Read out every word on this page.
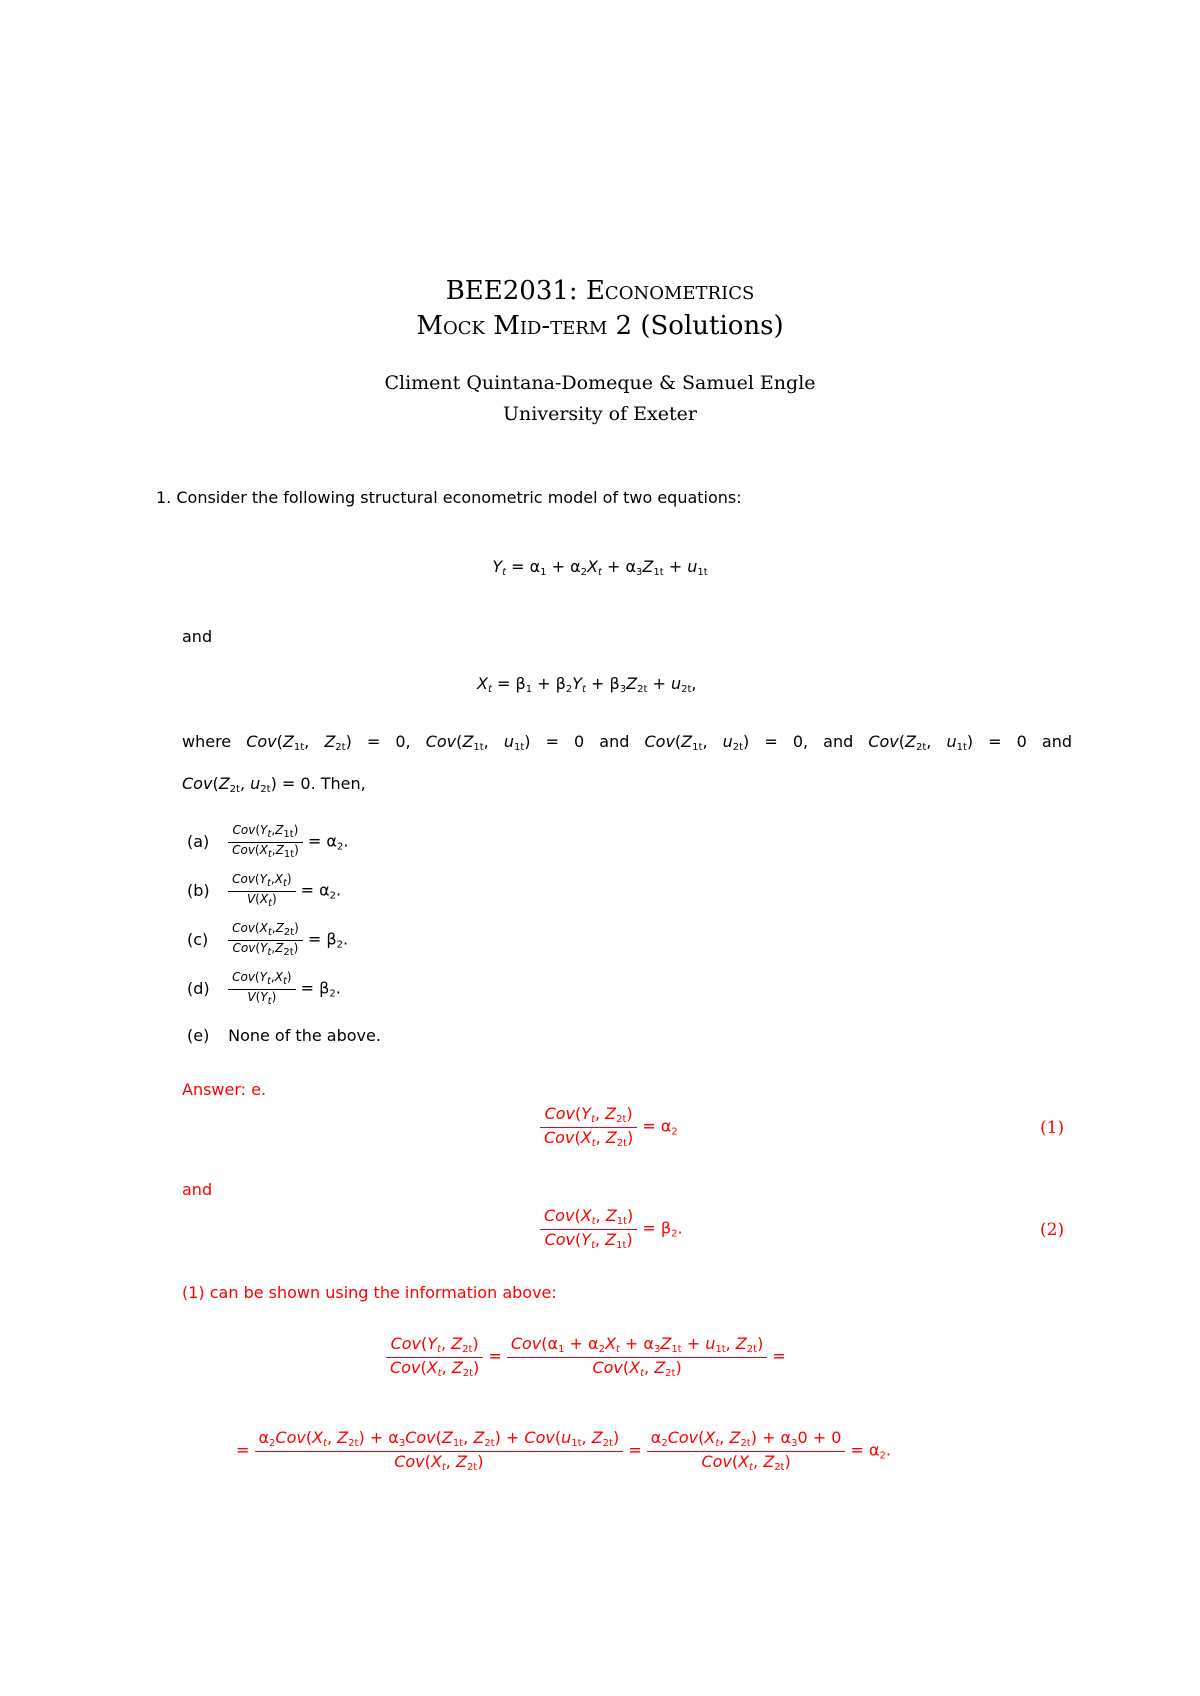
BEE2031: Econometrics
Mock Mid-term 2 (Solutions)
Climent Quintana-Domeque & Samuel Engle
University of Exeter
1. Consider the following structural econometric model of two equations:
$Y_t = \alpha_1 + \alpha_2X_t + \alpha_3Z_{1t} + u_{1t}$
and
$X_t = \beta_1 + \beta_2Y_t + \beta_3Z_{2t} + u_{2t}$,
where $Cov(Z_{1t}$, $Z_{2t}) = 0$, $Cov(Z_{1t}$, $u_{1t}) = 0$ and $Cov(Z_{1t}$, $u_{2t}) = 0$, and $Cov(Z_{2t}$, $u_{1t}) = 0$ and
$Cov(Z_{2t}$, $u_{2t}) = 0$. Then,
$(a) \frac{Cov(Y_t,Z_{1t})}{Cov(X_t,Z_{1t})} = \alpha_2$.
$(b) \frac{Cov(Y_t,X_t)}{V(X_t)} = \alpha_2$.
$(c) \frac{Cov(X_t,Z_{2t})}{Cov(Y_t,Z_{2t})} = \beta_2$.
$(d) \frac{Cov(Y_t,X_t)}{V(Y_t)} = \beta_2$.
(e) None of the above.
Answer: e.
$\frac{Cov(Y_t, Z_{2t})}{Cov(X_t, Z_{2t})} = \alpha_2$	(1)
and
$\frac{Cov(X_t, Z_{1t})}{Cov(Y_t, Z_{1t})} = \beta_2$.	(2)
(1) can be shown using the information above:
$\frac{Cov(Y_t, Z_{2t})}{Cov(X_t, Z_{2t})} = \frac{Cov(\alpha_1 + \alpha_2X_t + \alpha_3Z_{1t} + u_{1t}, Z_{2t})}{Cov(X_t, Z_{2t})}$ =
= $\frac{\alpha_2Cov(X_t, Z_{2t}) + \alpha_3Cov(Z_{1t}, Z_{2t}) + Cov(u_{1t}, Z_{2t})}{Cov(X_t, Z_{2t})} = \frac{\alpha_2Cov(X_t, Z_{2t}) + \alpha_30 + 0}{Cov(X_t, Z_{2t})} = \alpha_2$.
